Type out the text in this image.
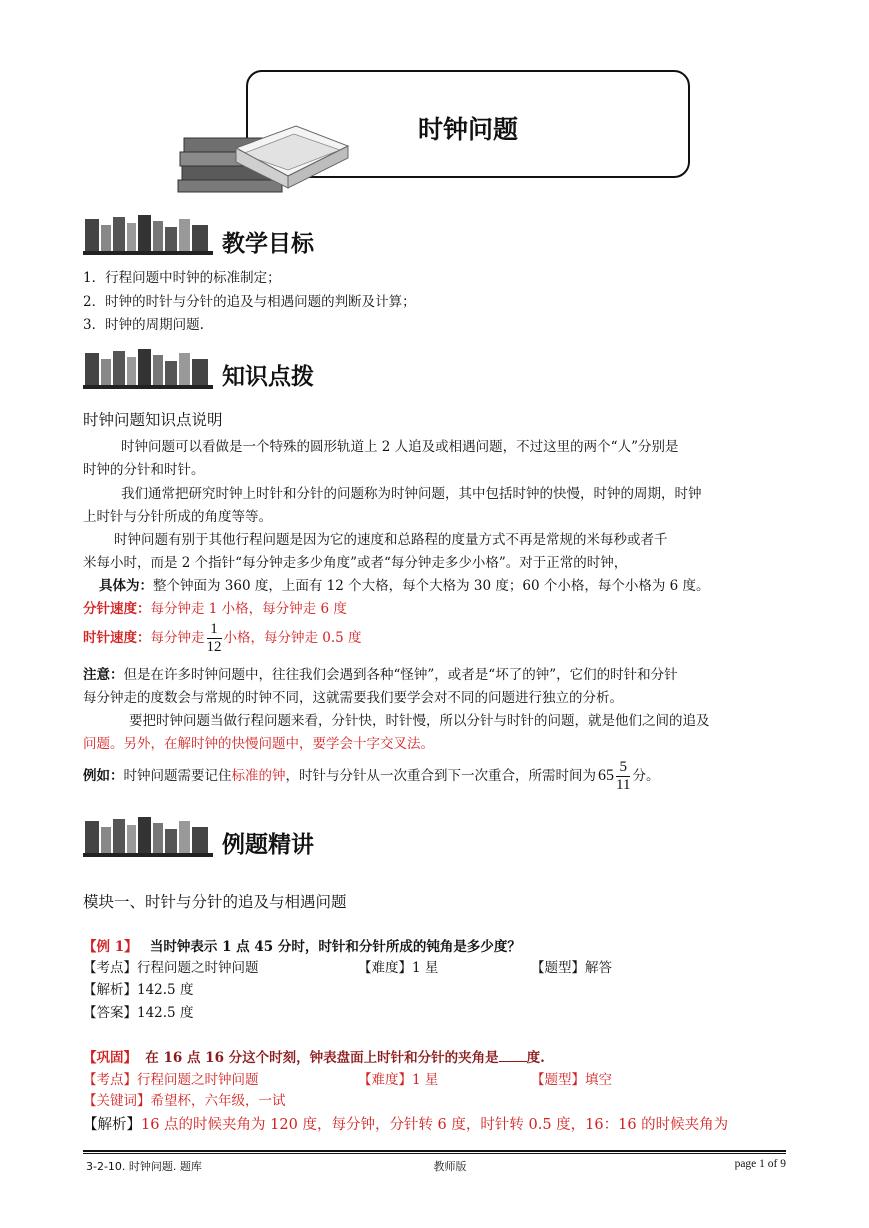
时钟问题
教学目标
1．行程问题中时钟的标准制定；
2．时钟的时针与分针的追及与相遇问题的判断及计算；
3．时钟的周期问题.
知识点拨
时钟问题知识点说明
时钟问题可以看做是一个特殊的圆形轨道上 2 人追及或相遇问题，不过这里的两个“人”分别是
时钟的分针和时针。
我们通常把研究时钟上时针和分针的问题称为时钟问题，其中包括时钟的快慢，时钟的周期，时钟
上时针与分针所成的角度等等。
时钟问题有别于其他行程问题是因为它的速度和总路程的度量方式不再是常规的米每秒或者千
米每小时，而是 2 个指针“每分钟走多少角度”或者“每分钟走多少小格”。对于正常的时钟，
具体为：整个钟面为 360 度，上面有 12 个大格，每个大格为 30 度；60 个小格，每个小格为 6 度。
分针速度：每分钟走 1 小格，每分钟走 6 度
时针速度：每分钟走 $\frac{1}{12}$ 小格，每分钟走 0.5 度
注意：但是在许多时钟问题中，往往我们会遇到各种“怪钟”，或者是“坏了的钟”，它们的时针和分针
每分钟走的度数会与常规的时钟不同，这就需要我们要学会对不同的问题进行独立的分析。
要把时钟问题当做行程问题来看，分针快，时针慢，所以分针与时针的问题，就是他们之间的追及
问题。另外，在解时钟的快慢问题中，要学会十字交叉法。
例如：时钟问题需要记住标准的钟，时针与分针从一次重合到下一次重合，所需时间为 $65 \frac{5}{11}$ 分。
例题精讲
模块一、时针与分针的追及与相遇问题
【例 1】 当时钟表示 1 点 45 分时，时针和分针所成的钝角是多少度？
【考点】行程问题之时钟问题	【难度】1 星	【题型】解答
【解析】142.5 度
【答案】142.5 度
【巩固】 在 16 点 16 分这个时刻，钟表盘面上时针和分针的夹角是 度.
【考点】行程问题之时钟问题	【难度】1 星	【题型】填空
【关键词】希望杯，六年级，一试
【解析】16 点的时候夹角为 120 度，每分钟，分针转 6 度，时针转 0.5 度，16：16 的时候夹角为
3-2-10. 时钟问题. 题库	教师版	page 1 of 9
